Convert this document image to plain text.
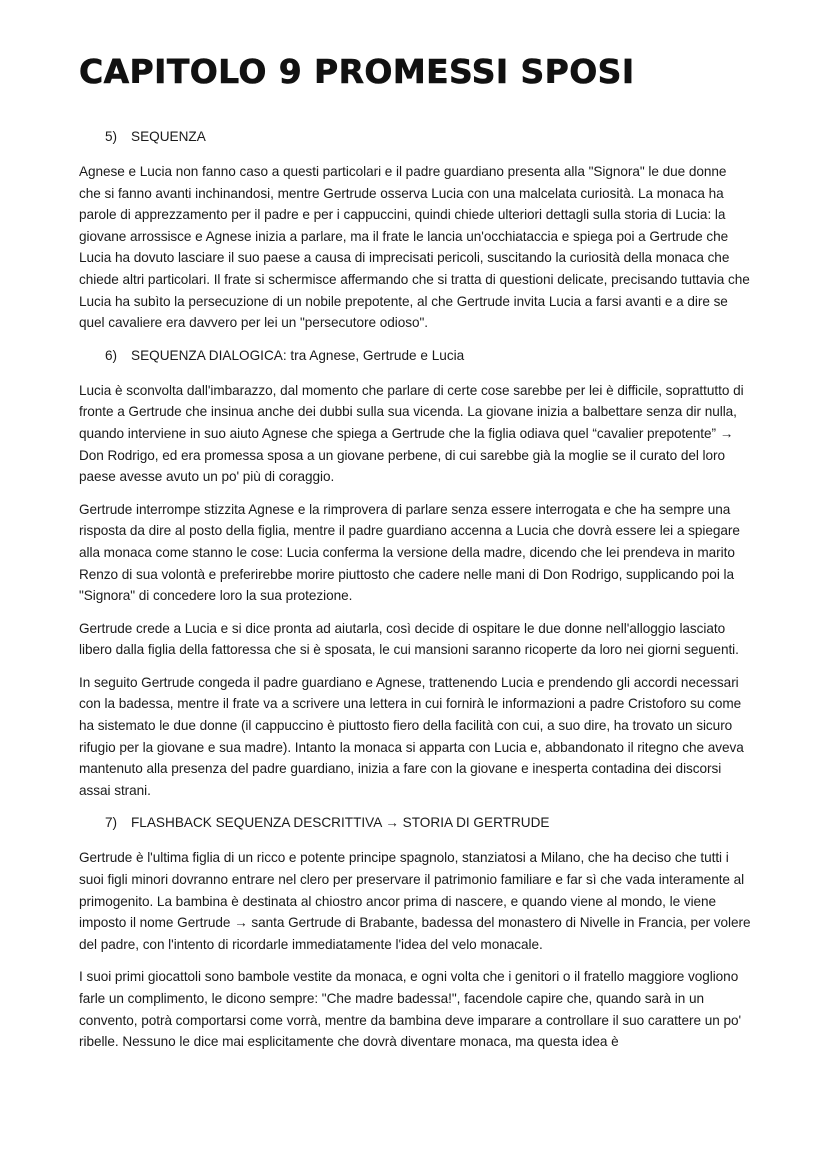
CAPITOLO 9 PROMESSI SPOSI
5) SEQUENZA

Agnese e Lucia non fanno caso a questi particolari e il padre guardiano presenta alla "Signora" le due donne che si fanno avanti inchinandosi, mentre Gertrude osserva Lucia con una malcelata curiosità. La monaca ha parole di apprezzamento per il padre e per i cappuccini, quindi chiede ulteriori dettagli sulla storia di Lucia: la giovane arrossisce e Agnese inizia a parlare, ma il frate le lancia un'occhiataccia e spiega poi a Gertrude che Lucia ha dovuto lasciare il suo paese a causa di imprecisati pericoli, suscitando la curiosità della monaca che chiede altri particolari. Il frate si schermisce affermando che si tratta di questioni delicate, precisando tuttavia che Lucia ha subìto la persecuzione di un nobile prepotente, al che Gertrude invita Lucia a farsi avanti e a dire se quel cavaliere era davvero per lei un "persecutore odioso".

6) SEQUENZA DIALOGICA: tra Agnese, Gertrude e Lucia

Lucia è sconvolta dall'imbarazzo, dal momento che parlare di certe cose sarebbe per lei è difficile, soprattutto di fronte a Gertrude che insinua anche dei dubbi sulla sua vicenda. La giovane inizia a balbettare senza dir nulla, quando interviene in suo aiuto Agnese che spiega a Gertrude che la figlia odiava quel “cavalier prepotente” → Don Rodrigo, ed era promessa sposa a un giovane perbene, di cui sarebbe già la moglie se il curato del loro paese avesse avuto un po' più di coraggio.

Gertrude interrompe stizzita Agnese e la rimprovera di parlare senza essere interrogata e che ha sempre una risposta da dire al posto della figlia, mentre il padre guardiano accenna a Lucia che dovrà essere lei a spiegare alla monaca come stanno le cose: Lucia conferma la versione della madre, dicendo che lei prendeva in marito Renzo di sua volontà e preferirebbe morire piuttosto che cadere nelle mani di Don Rodrigo, supplicando poi la "Signora" di concedere loro la sua protezione.

Gertrude crede a Lucia e si dice pronta ad aiutarla, così decide di ospitare le due donne nell'alloggio lasciato libero dalla figlia della fattoressa che si è sposata, le cui mansioni saranno ricoperte da loro nei giorni seguenti.

In seguito Gertrude congeda il padre guardiano e Agnese, trattenendo Lucia e prendendo gli accordi necessari con la badessa, mentre il frate va a scrivere una lettera in cui fornirà le informazioni a padre Cristoforo su come ha sistemato le due donne (il cappuccino è piuttosto fiero della facilità con cui, a suo dire, ha trovato un sicuro rifugio per la giovane e sua madre). Intanto la monaca si apparta con Lucia e, abbandonato il ritegno che aveva mantenuto alla presenza del padre guardiano, inizia a fare con la giovane e inesperta contadina dei discorsi assai strani.

7) FLASHBACK SEQUENZA DESCRITTIVA → STORIA DI GERTRUDE

Gertrude è l'ultima figlia di un ricco e potente principe spagnolo, stanziatosi a Milano, che ha deciso che tutti i suoi figli minori dovranno entrare nel clero per preservare il patrimonio familiare e far sì che vada interamente al primogenito. La bambina è destinata al chiostro ancor prima di nascere, e quando viene al mondo, le viene imposto il nome Gertrude → santa Gertrude di Brabante, badessa del monastero di Nivelle in Francia, per volere del padre, con l'intento di ricordarle immediatamente l'idea del velo monacale.

I suoi primi giocattoli sono bambole vestite da monaca, e ogni volta che i genitori o il fratello maggiore vogliono farle un complimento, le dicono sempre: "Che madre badessa!", facendole capire che, quando sarà in un convento, potrà comportarsi come vorrà, mentre da bambina deve imparare a controllare il suo carattere un po' ribelle. Nessuno le dice mai esplicitamente che dovrà diventare monaca, ma questa idea è
